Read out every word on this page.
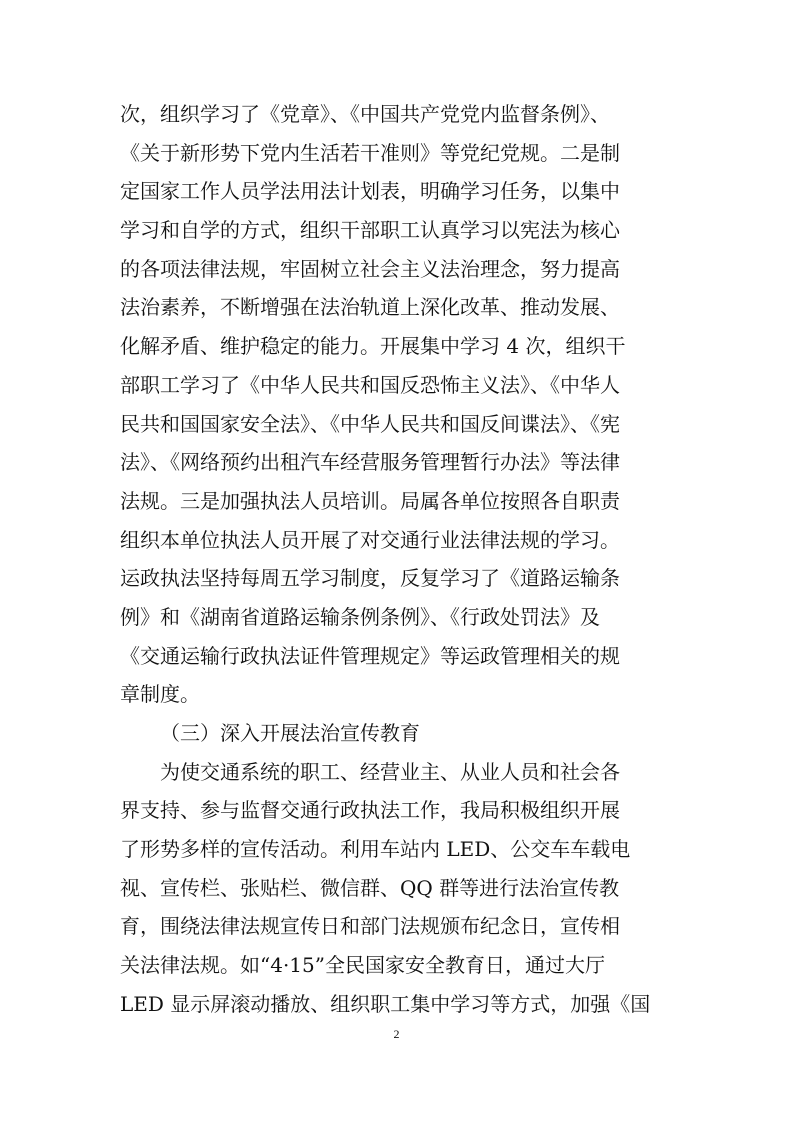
次，组织学习了《党章》、《中国共产党党内监督条例》、
《关于新形势下党内生活若干准则》等党纪党规。二是制
定国家工作人员学法用法计划表，明确学习任务，以集中
学习和自学的方式，组织干部职工认真学习以宪法为核心
的各项法律法规，牢固树立社会主义法治理念，努力提高
法治素养，不断增强在法治轨道上深化改革、推动发展、
化解矛盾、维护稳定的能力。开展集中学习 4 次，组织干
部职工学习了《中华人民共和国反恐怖主义法》、《中华人
民共和国国家安全法》、《中华人民共和国反间谍法》、《宪
法》、《网络预约出租汽车经营服务管理暂行办法》等法律
法规。三是加强执法人员培训。局属各单位按照各自职责
组织本单位执法人员开展了对交通行业法律法规的学习。
运政执法坚持每周五学习制度，反复学习了《道路运输条
例》和《湖南省道路运输条例条例》、《行政处罚法》及
《交通运输行政执法证件管理规定》等运政管理相关的规
章制度。
（三）深入开展法治宣传教育
为使交通系统的职工、经营业主、从业人员和社会各
界支持、参与监督交通行政执法工作，我局积极组织开展
了形势多样的宣传活动。利用车站内 LED、公交车车载电
视、宣传栏、张贴栏、微信群、QQ 群等进行法治宣传教
育，围绕法律法规宣传日和部门法规颁布纪念日，宣传相
关法律法规。如“4·15”全民国家安全教育日，通过大厅
LED 显示屏滚动播放、组织职工集中学习等方式，加强《国
2
